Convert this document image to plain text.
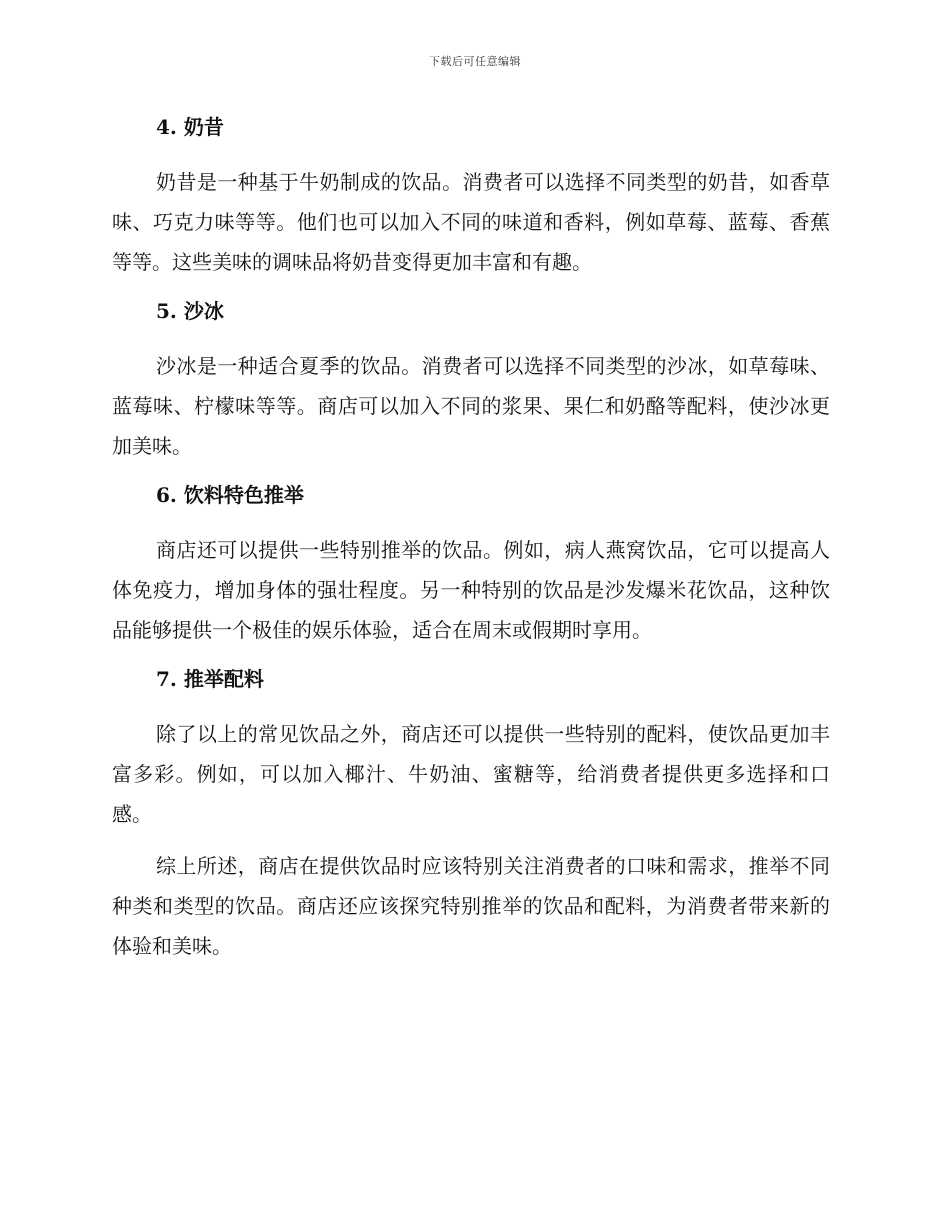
下载后可任意编辑
4. 奶昔

奶昔是一种基于牛奶制成的饮品。消费者可以选择不同类型的奶昔，如香草味、巧克力味等等。他们也可以加入不同的味道和香料，例如草莓、蓝莓、香蕉等等。这些美味的调味品将奶昔变得更加丰富和有趣。

5. 沙冰

沙冰是一种适合夏季的饮品。消费者可以选择不同类型的沙冰，如草莓味、蓝莓味、柠檬味等等。商店可以加入不同的浆果、果仁和奶酪等配料，使沙冰更加美味。

6. 饮料特色推举

商店还可以提供一些特别推举的饮品。例如，病人燕窝饮品，它可以提高人体免疫力，增加身体的强壮程度。另一种特别的饮品是沙发爆米花饮品，这种饮品能够提供一个极佳的娱乐体验，适合在周末或假期时享用。

7. 推举配料

除了以上的常见饮品之外，商店还可以提供一些特别的配料，使饮品更加丰富多彩。例如，可以加入椰汁、牛奶油、蜜糖等，给消费者提供更多选择和口感。

综上所述，商店在提供饮品时应该特别关注消费者的口味和需求，推举不同种类和类型的饮品。商店还应该探究特别推举的饮品和配料，为消费者带来新的体验和美味。
